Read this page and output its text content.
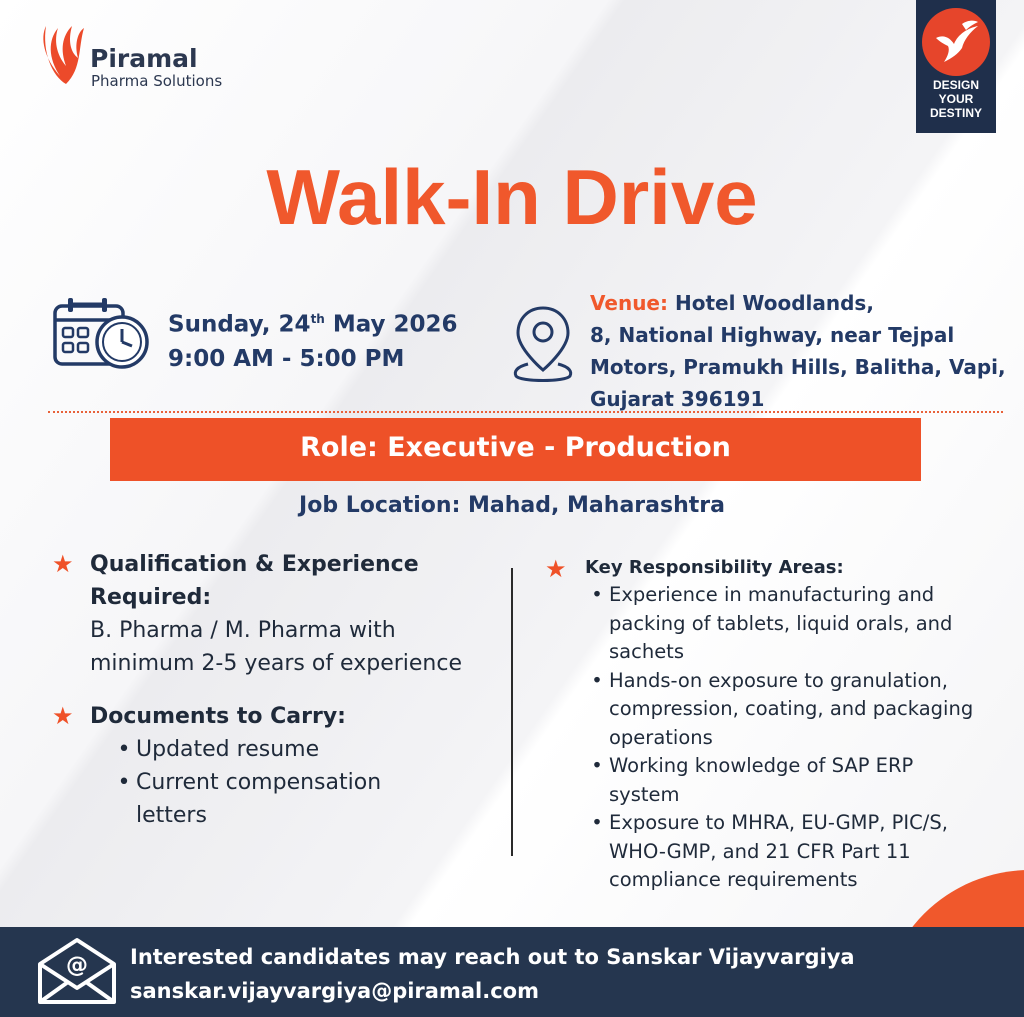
Piramal
Pharma Solutions	DESIGN
YOUR
DESTINY
Walk-In Drive
Sunday, 24th May 2026
9:00 AM - 5:00 PM
Venue: Hotel Woodlands,
8, National Highway, near Tejpal
Motors, Pramukh Hills, Balitha, Vapi,
Gujarat 396191
Role: Executive - Production
Job Location: Mahad, Maharashtra
★ Qualification & Experience
Required:
B. Pharma / M. Pharma with
minimum 2-5 years of experience
★ Documents to Carry:
• Updated resume
• Current compensation
letters
★	Key Responsibility Areas:
• Experience in manufacturing and
packing of tablets, liquid orals, and
sachets
• Hands-on exposure to granulation,
compression, coating, and packaging
operations
• Working knowledge of SAP ERP
system
• Exposure to MHRA, EU-GMP, PIC/S,
WHO-GMP, and 21 CFR Part 11
compliance requirements
@ Interested candidates may reach out to Sanskar Vijayvargiya
sanskar.vijayvargiya@piramal.com
